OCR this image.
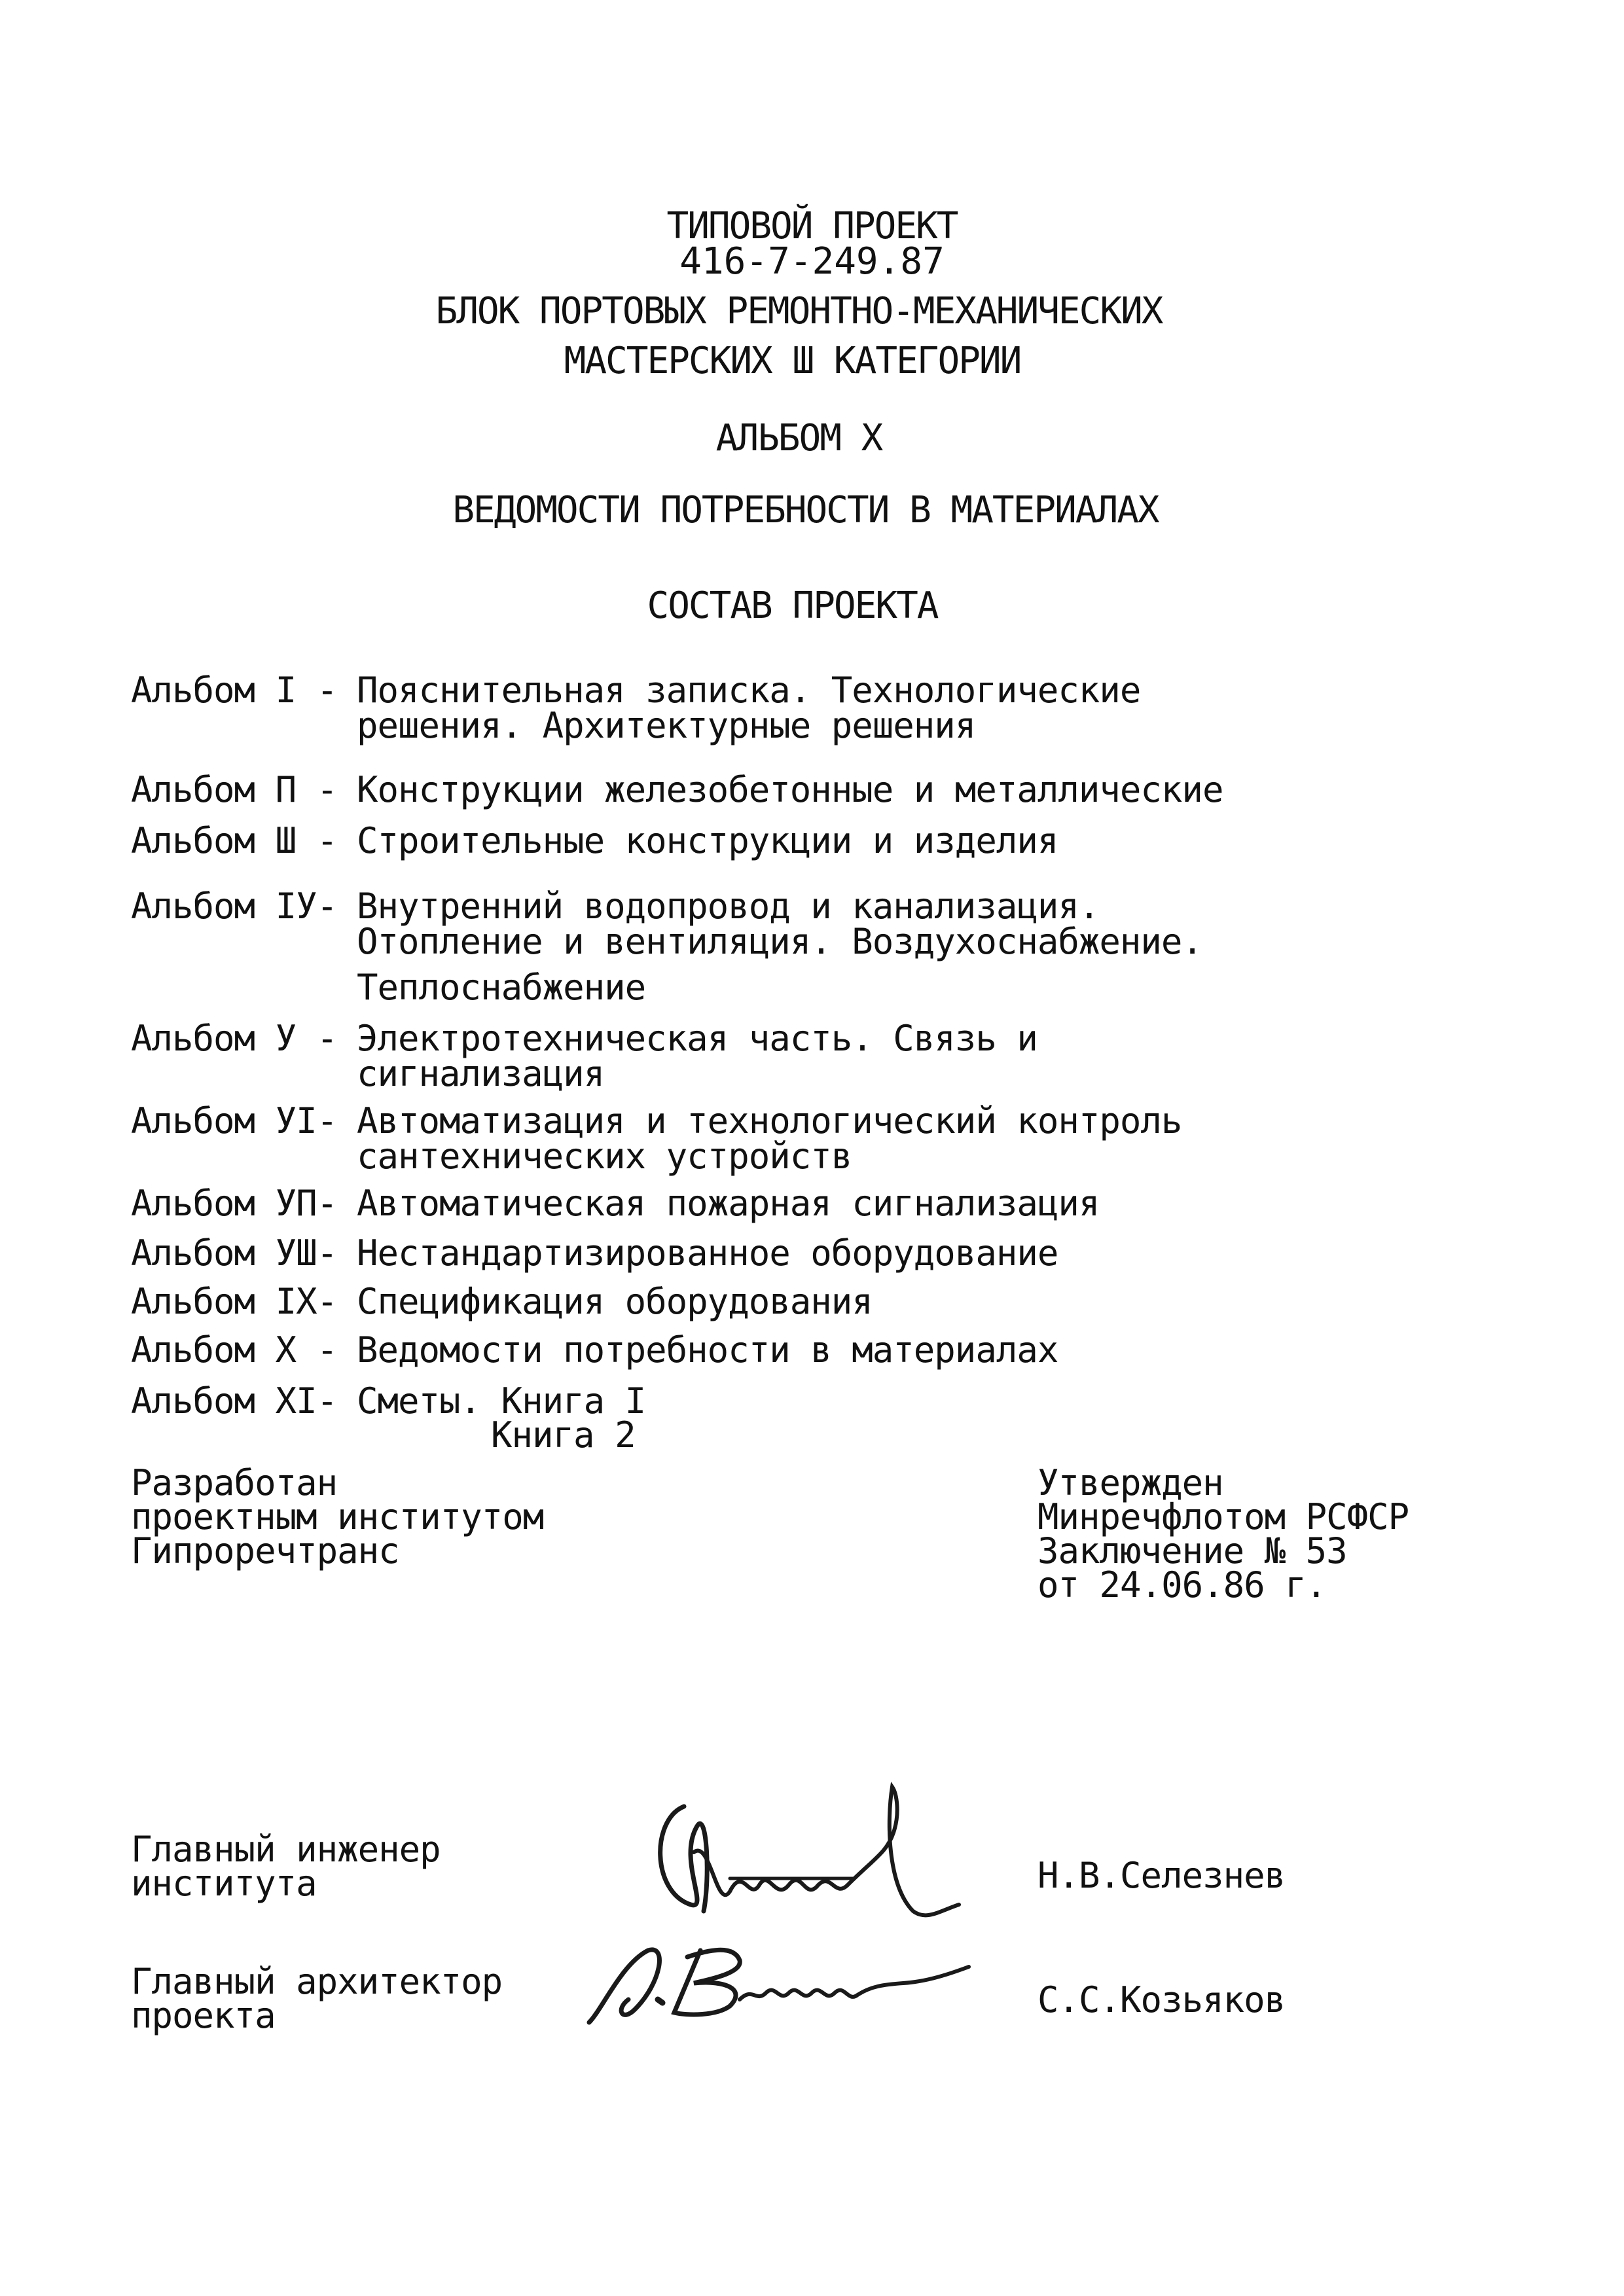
ТИПОВОЙ ПРОЕКТ
416-7-249.87
БЛОК ПОРТОВЫХ РЕМОНТНО-МЕХАНИЧЕСКИХ
МАСТЕРСКИХ Ш КАТЕГОРИИ
АЛЬБОМ X
ВЕДОМОСТИ ПОТРЕБНОСТИ В МАТЕРИАЛАХ
СОСТАВ ПРОЕКТА
Альбом I - Пояснительная записка. Технологические
решения. Архитектурные решения
Альбом П - Конструкции железобетонные и металлические
Альбом Ш - Строительные конструкции и изделия
Альбом IУ- Внутренний водопровод и канализация.
Отопление и вентиляция. Воздухоснабжение.
Теплоснабжение
Альбом У - Электротехническая часть. Связь и
сигнализация
Альбом УI- Автоматизация и технологический контроль
сантехнических устройств
Альбом УП- Автоматическая пожарная сигнализация
Альбом УШ- Нестандартизированное оборудование
Альбом IX- Спецификация оборудования
Альбом X - Ведомости потребности в материалах
Альбом XI- Сметы. Книга I
Книга 2
Разработан
проектным институтом
Гипроречтранс
Утвержден
Минречфлотом РСФСР
Заключение № 53
от 24.06.86 г.
Главный инженер
института	Н.В.Селезнев
Главный архитектор
проекта	С.С.Козьяков
